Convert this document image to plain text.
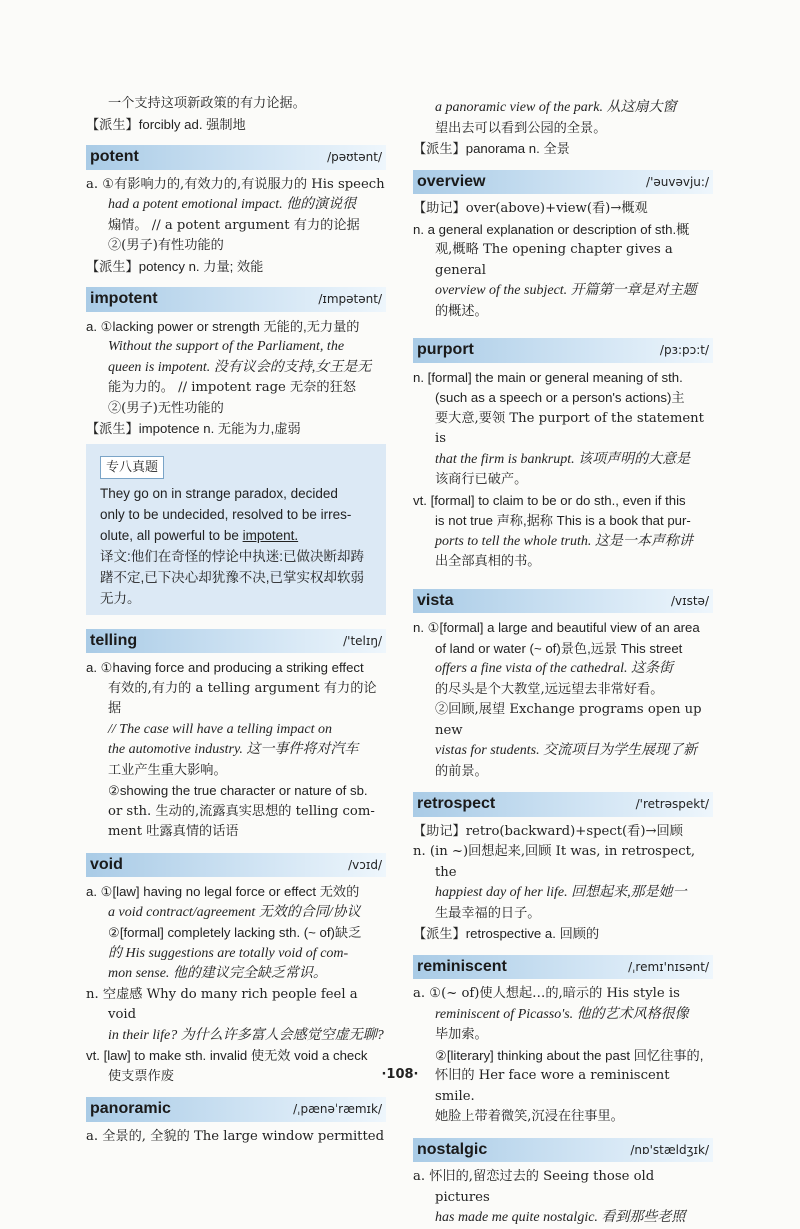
一个支持这项新政策的有力论据。

【派生】forcibly ad. 强制地

potent	/pəʊtənt/

a. ①有影响力的,有效力的,有说服力的 His speech

had a potent emotional impact. 他的演说很

煽情。 // a potent argument 有力的论据

②(男子)有性功能的

【派生】potency n. 力量; 效能

impotent	/ɪmpətənt/

a. ①lacking power or strength 无能的,无力量的

Without the support of the Parliament, the

queen is impotent. 没有议会的支持,女王是无

能为力的。 // impotent rage 无奈的狂怒

②(男子)无性功能的

【派生】impotence n. 无能为力,虚弱

专八真题

They go on in strange paradox, decided

only to be undecided, resolved to be irres-

olute, all powerful to be impotent.

译文:他们在奇怪的悖论中执迷:已做决断却踌

躇不定,已下决心却犹豫不决,已掌实权却软弱

无力。

telling	/'telɪŋ/

a. ①having force and producing a striking effect

有效的,有力的 a telling argument 有力的论据

// The case will have a telling impact on

the automotive industry. 这一事件将对汽车

工业产生重大影响。

②showing the true character or nature of sb.

or sth. 生动的,流露真实思想的 telling com-

ment 吐露真情的话语

void	/vɔɪd/

a. ①[law] having no legal force or effect 无效的

a void contract/agreement 无效的合同/协议

②[formal] completely lacking sth. (~ of)缺乏

的 His suggestions are totally void of com-

mon sense. 他的建议完全缺乏常识。

n. 空虚感 Why do many rich people feel a void

in their life? 为什么许多富人会感觉空虚无聊?

vt. [law] to make sth. invalid 使无效 void a check

使支票作废

panoramic	/ˌpænəˈræmɪk/

a. 全景的, 全貌的 The large window permitted

a panoramic view of the park. 从这扇大窗

望出去可以看到公园的全景。

【派生】panorama n. 全景

overview	/'əuvəvju:/

【助记】over(above)+view(看)→概观

n. a general explanation or description of sth.概

观,概略 The opening chapter gives a general

overview of the subject. 开篇第一章是对主题

的概述。

purport	/pɜ:pɔ:t/

n. [formal] the main or general meaning of sth.

(such as a speech or a person's actions)主

要大意,要领 The purport of the statement is

that the firm is bankrupt. 该项声明的大意是

该商行已破产。

vt. [formal] to claim to be or do sth., even if this

is not true 声称,据称 This is a book that pur-

ports to tell the whole truth. 这是一本声称讲

出全部真相的书。

vista	/vɪstə/

n. ①[formal] a large and beautiful view of an area

of land or water (~ of)景色,远景 This street

offers a fine vista of the cathedral. 这条街

的尽头是个大教堂,远远望去非常好看。

②回顾,展望 Exchange programs open up new

vistas for students. 交流项目为学生展现了新

的前景。

retrospect	/'retrəspekt/

【助记】retro(backward)+spect(看)→回顾

n. (in ~)回想起来,回顾 It was, in retrospect, the

happiest day of her life. 回想起来,那是她一

生最幸福的日子。

【派生】retrospective a. 回顾的

reminiscent	/ˌremɪ'nɪsənt/

a. ①(~ of)使人想起…的,暗示的 His style is

reminiscent of Picasso's. 他的艺术风格很像

毕加索。

②[literary] thinking about the past 回忆往事的,

怀旧的 Her face wore a reminiscent smile.

她脸上带着微笑,沉浸在往事里。

nostalgic	/nɒ'stældʒɪk/

a. 怀旧的,留恋过去的 Seeing those old pictures

has made me quite nostalgic. 看到那些老照

·108·
